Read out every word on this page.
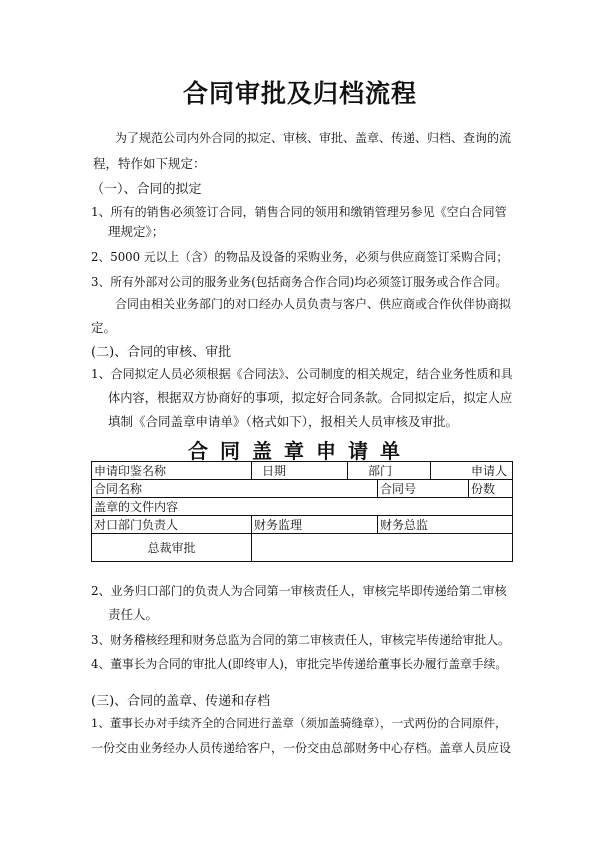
合同审批及归档流程
为了规范公司内外合同的拟定、审核、审批、盖章、传递、归档、查询的流
程，特作如下规定：
（一）、合同的拟定
1、所有的销售必须签订合同，销售合同的领用和缴销管理另参见《空白合同管
理规定》；
2、5000 元以上（含）的物品及设备的采购业务，必须与供应商签订采购合同；
3、所有外部对公司的服务业务(包括商务合作合同)均必须签订服务或合作合同。
合同由相关业务部门的对口经办人员负责与客户、供应商或合作伙伴协商拟
定。
(二)、合同的审核、审批
1、合同拟定人员必须根据《合同法》、公司制度的相关规定，结合业务性质和具
体内容，根据双方协商好的事项，拟定好合同条款。合同拟定后，拟定人应
填制《合同盖章申请单》（格式如下），报相关人员审核及审批。
合同盖章申请单
申请印鉴名称	日期	部门		申请人	
合同名称			合同号		份数
盖章的文件内容					
对口部门负责人	财务监理		财务总监		
总裁审批					
2、业务归口部门的负责人为合同第一审核责任人，审核完毕即传递给第二审核
责任人。
3、财务稽核经理和财务总监为合同的第二审核责任人，审核完毕传递给审批人。
4、董事长为合同的审批人(即终审人)，审批完毕传递给董事长办履行盖章手续。
(三)、合同的盖章、传递和存档
1、董事长办对手续齐全的合同进行盖章（须加盖骑缝章），一式两份的合同原件，
一份交由业务经办人员传递给客户，一份交由总部财务中心存档。盖章人员应设
